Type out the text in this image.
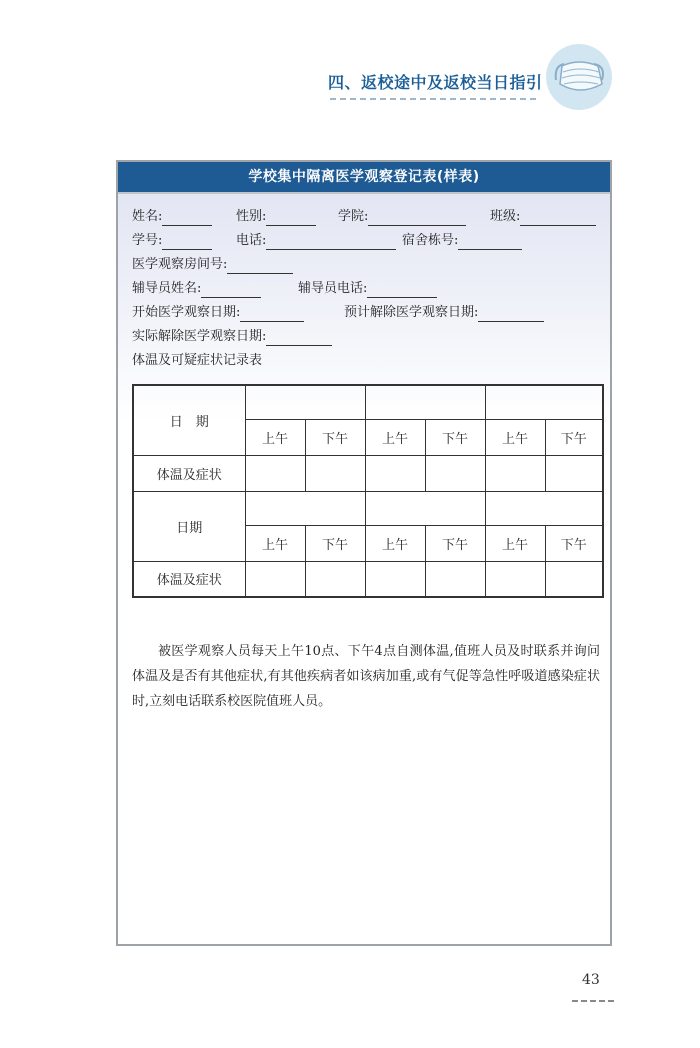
四、返校途中及返校当日指引
学校集中隔离医学观察登记表(样表)
姓名:	性别:	学院:	班级:
学号:	电话:	宿舍栋号:
医学观察房间号:
辅导员姓名:	辅导员电话:
开始医学观察日期:	预计解除医学观察日期:
实际解除医学观察日期:
体温及可疑症状记录表
日　期						
	上午	下午	上午	下午	上午	下午
体温及症状						
日期						
	上午	下午	上午	下午	上午	下午
体温及症状						

被医学观察人员每天上午10点、下午4点自测体温,值班人员及时联系并询问体温及是否有其他症状,有其他疾病者如该病加重,或有气促等急性呼吸道感染症状时,立刻电话联系校医院值班人员。

43
